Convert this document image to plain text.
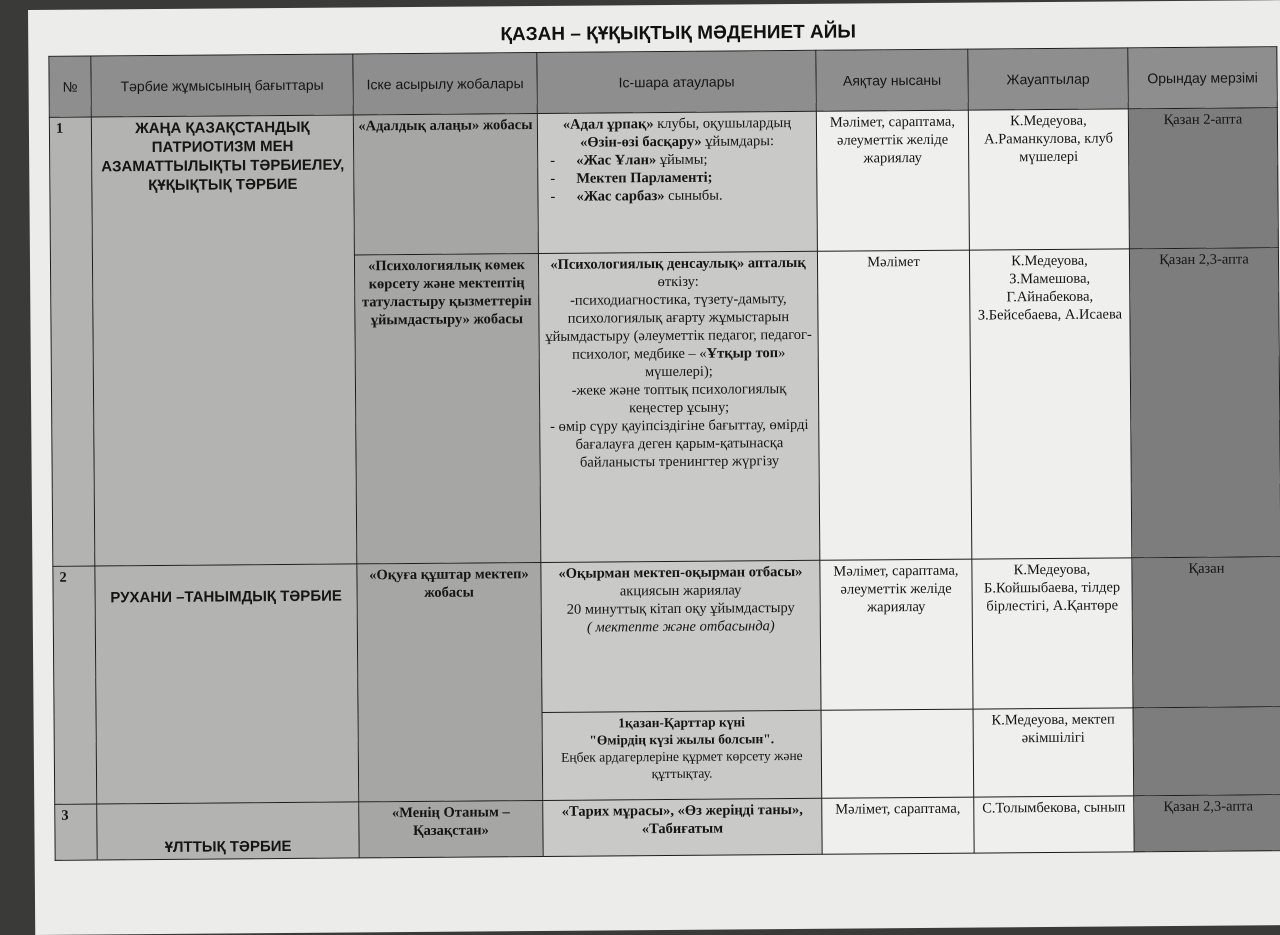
ҚАЗАН – ҚҰҚЫҚТЫҚ МӘДЕНИЕТ АЙЫ
№	Тәрбие жұмысының бағыттары	Іске асырылу жобалары	Іс-шара атаулары	Аяқтау нысаны	Жауаптылар	Орындау мерзімі
1	ЖАҢА ҚАЗАҚСТАНДЫҚ ПАТРИОТИЗМ МЕН АЗАМАТТЫЛЫҚТЫ ТӘРБИЕЛЕУ, ҚҰҚЫҚТЫҚ ТӘРБИЕ	«Адалдық алаңы» жобасы	«Адал ұрпақ» клубы, оқушылардың «Өзін-өзі басқару» ұйымдары:
- «Жас Ұлан» ұйымы;
- Мектеп Парламенті;
- «Жас сарбаз» сыныбы.	Мәлімет, сараптама, әлеуметтік желіде жариялау	К.Медеуова, А.Раманкулова, клуб мүшелері	Қазан 2-апта
		«Психологиялық көмек көрсету және мектептің татуластыру қызметтерін ұйымдастыру» жобасы	«Психологиялық денсаулық» апталық өткізу:
-психодиагностика, түзету-дамыту, психологиялық ағарту жұмыстарын ұйымдастыру (әлеуметтік педагог, педагог-психолог, медбике – «Ұтқыр топ» мүшелері);
-жеке және топтық психологиялық кеңестер ұсыну;
- өмір сүру қауіпсіздігіне бағыттау, өмірді бағалауға деген қарым-қатынасқа байланысты тренингтер жүргізу	Мәлімет	К.Медеуова, З.Мамешова, Г.Айнабекова, З.Бейсебаева, А.Исаева	Қазан 2,3-апта
2	РУХАНИ –ТАНЫМДЫҚ ТӘРБИЕ	«Оқуға құштар мектеп» жобасы	«Оқырман мектеп-оқырман отбасы»
акциясын жариялау
20 минуттық кітап оқу ұйымдастыру
( мектепте және отбасында)	Мәлімет, сараптама, әлеуметтік желіде жариялау	К.Медеуова, Б.Койшыбаева, тілдер бірлестігі, А.Қантөре	Қазан
			1қазан-Қарттар күні
"Өмірдің күзі жылы болсын".
Еңбек ардагерлеріне құрмет көрсету және құттықтау.		К.Медеуова, мектеп әкімшілігі	
3	ҰЛТТЫҚ ТӘРБИЕ	«Менің Отаным – Қазақстан»	«Тарих мұрасы», «Өз жеріңді таны», «Табиғатым	Мәлімет, сараптама,	С.Толымбекова, сынып	Қазан 2,3-апта
